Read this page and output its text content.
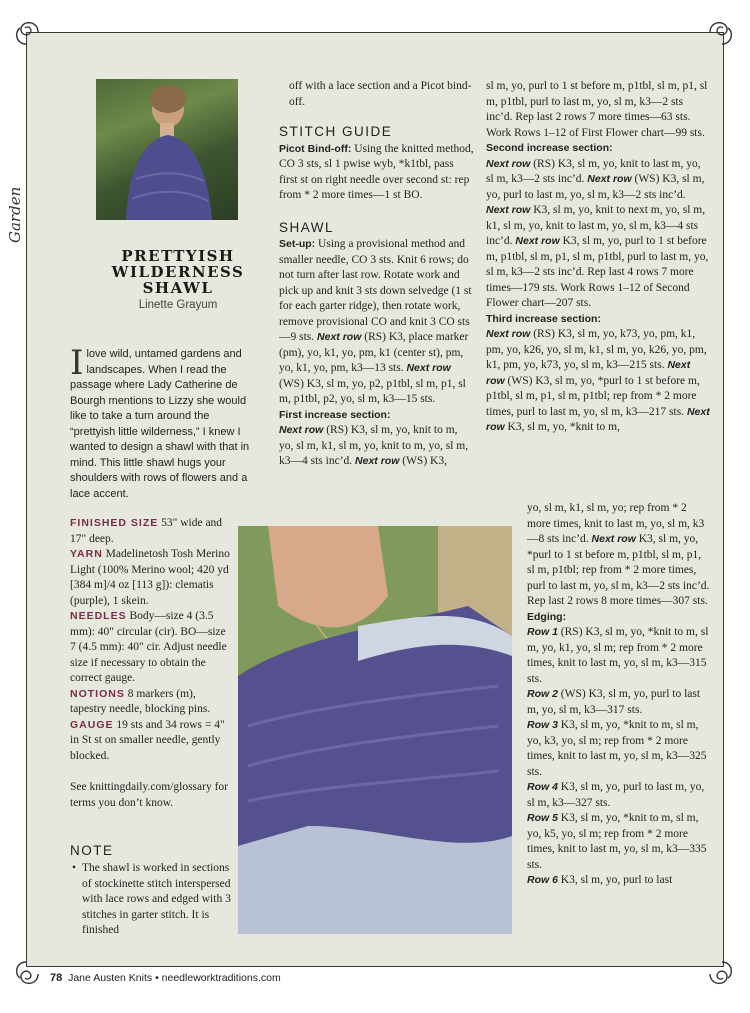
Garden
PRETTYISH
WILDERNESS
SHAWL
Linette Grayum
Ilove wild, untamed gardens and landscapes. When I read the passage where Lady Catherine de Bourgh mentions to Lizzy she would like to take a turn around the “prettyish little wilderness,” I knew I wanted to design a shawl with that in mind. This little shawl hugs your shoulders with rows of flowers and a lace accent.

FINISHED SIZE 53" wide and 17" deep.

YARN Madelinetosh Tosh Merino Light (100% Merino wool; 420 yd [384 m]/4 oz [113 g]): clematis (purple), 1 skein.

NEEDLES Body—size 4 (3.5 mm): 40" circular (cir). BO—size 7 (4.5 mm): 40" cir. Adjust needle size if necessary to obtain the correct gauge.

NOTIONS 8 markers (m), tapestry needle, blocking pins.

GAUGE 19 sts and 34 rows = 4" in St st on smaller needle, gently blocked.

See knittingdaily.com/glossary for terms you don’t know.

NOTE
• The shawl is worked in sections of stockinette stitch interspersed with lace rows and edged with 3 stitches in garter stitch. It is finished

off with a lace section and a Picot bind-off.

STITCH GUIDE

Picot Bind-off: Using the knitted method, CO 3 sts, sl 1 pwise wyb, *k1tbl, pass first st on right needle over second st: rep from * 2 more times—1 st BO.

SHAWL

Set-up: Using a provisional method and smaller needle, CO 3 sts. Knit 6 rows; do not turn after last row. Rotate work and pick up and knit 3 sts down selvedge (1 st for each garter ridge), then rotate work, remove provisional CO and knit 3 CO sts—9 sts. Next row (RS) K3, place marker (pm), yo, k1, yo, pm, k1 (center st), pm, yo, k1, yo, pm, k3—13 sts. Next row (WS) K3, sl m, yo, p2, p1tbl, sl m, p1, sl m, p1tbl, p2, yo, sl m, k3—15 sts.

First increase section:

Next row (RS) K3, sl m, yo, knit to m, yo, sl m, k1, sl m, yo, knit to m, yo, sl m, k3—4 sts inc’d. Next row (WS) K3,

sl m, yo, purl to 1 st before m, p1tbl, sl m, p1, sl m, p1tbl, purl to last m, yo, sl m, k3—2 sts inc’d. Rep last 2 rows 7 more times—63 sts. Work Rows 1–12 of First Flower chart—99 sts.

Second increase section:

Next row (RS) K3, sl m, yo, knit to last m, yo, sl m, k3—2 sts inc’d. Next row (WS) K3, sl m, yo, purl to last m, yo, sl m, k3—2 sts inc’d. Next row K3, sl m, yo, knit to next m, yo, sl m, k1, sl m, yo, knit to last m, yo, sl m, k3—4 sts inc’d. Next row K3, sl m, yo, purl to 1 st before m, p1tbl, sl m, p1, sl m, p1tbl, purl to last m, yo, sl m, k3—2 sts inc’d. Rep last 4 rows 7 more times—179 sts. Work Rows 1–12 of Second Flower chart—207 sts.

Third increase section:

Next row (RS) K3, sl m, yo, k73, yo, pm, k1, pm, yo, k26, yo, sl m, k1, sl m, yo, k26, yo, pm, k1, pm, yo, k73, yo, sl m, k3—215 sts. Next row (WS) K3, sl m, yo, *purl to 1 st before m, p1tbl, sl m, p1, sl m, p1tbl; rep from * 2 more times, purl to last m, yo, sl m, k3—217 sts. Next row K3, sl m, yo, *knit to m,

yo, sl m, k1, sl m, yo; rep from * 2 more times, knit to last m, yo, sl m, k3—8 sts inc’d. Next row K3, sl m, yo, *purl to 1 st before m, p1tbl, sl m, p1, sl m, p1tbl; rep from * 2 more times, purl to last m, yo, sl m, k3—2 sts inc’d. Rep last 2 rows 8 more times—307 sts.

Edging:

Row 1 (RS) K3, sl m, yo, *knit to m, sl m, yo, k1, yo, sl m; rep from * 2 more times, knit to last m, yo, sl m, k3—315 sts.

Row 2 (WS) K3, sl m, yo, purl to last m, yo, sl m, k3—317 sts.

Row 3 K3, sl m, yo, *knit to m, sl m, yo, k3, yo, sl m; rep from * 2 more times, knit to last m, yo, sl m, k3—325 sts.

Row 4 K3, sl m, yo, purl to last m, yo, sl m, k3—327 sts.

Row 5 K3, sl m, yo, *knit to m, sl m, yo, k5, yo, sl m; rep from * 2 more times, knit to last m, yo, sl m, k3—335 sts.

Row 6 K3, sl m, yo, purl to last

78 Jane Austen Knits • needleworktraditions.com
